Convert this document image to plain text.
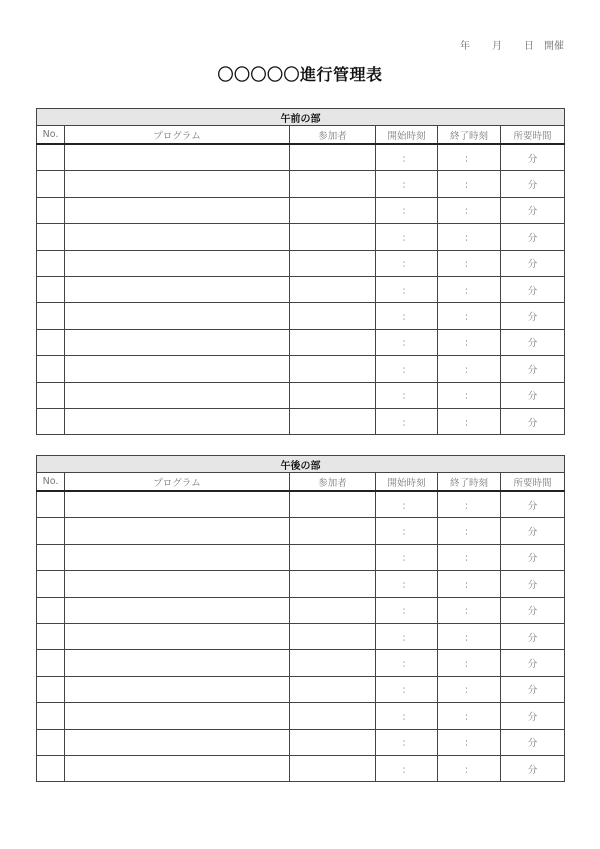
年 月 日 開催
〇〇〇〇〇進行管理表
午前の部					
No.	プログラム	参加者	開始時刻	終了時刻	所要時間
			：	：	分
			：	：	分
			：	：	分
			：	：	分
			：	：	分
			：	：	分
			：	：	分
			：	：	分
			：	：	分
			：	：	分
			：	：	分
午後の部					
No.	プログラム	参加者	開始時刻	終了時刻	所要時間
			：	：	分
			：	：	分
			：	：	分
			：	：	分
			：	：	分
			：	：	分
			：	：	分
			：	：	分
			：	：	分
			：	：	分
			：	：	分
